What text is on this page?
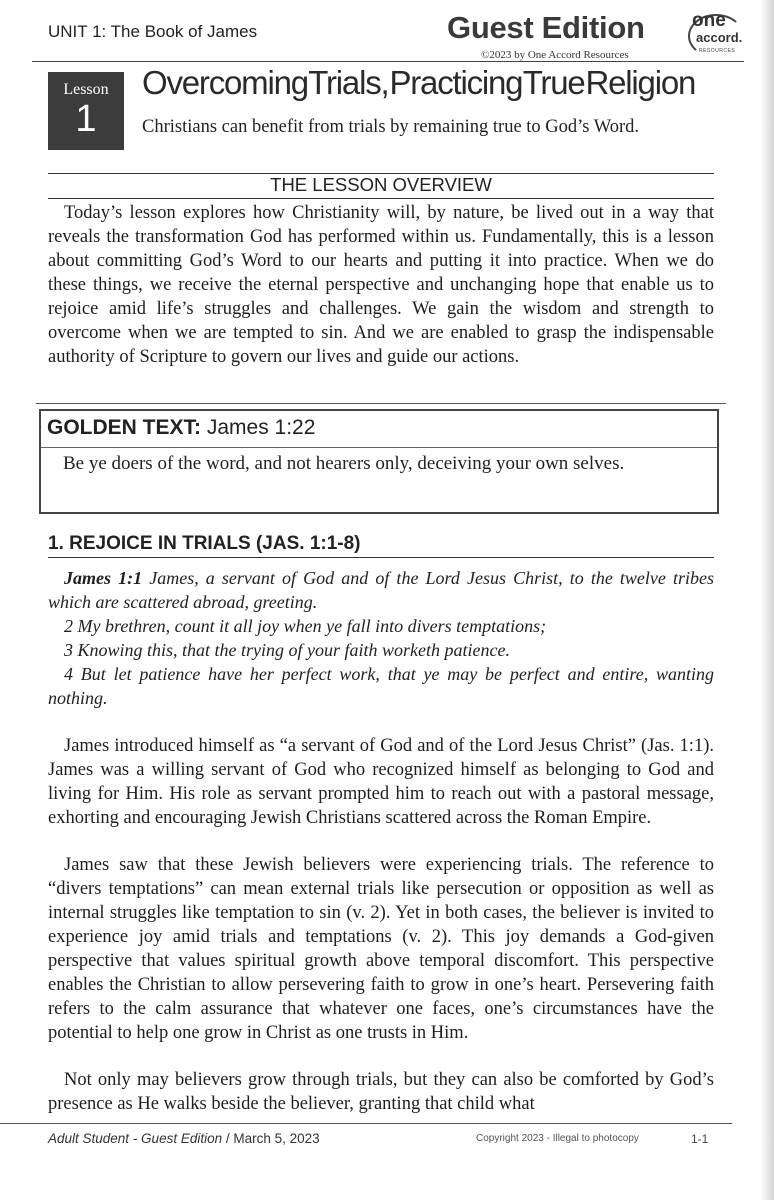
UNIT 1: The Book of James	Guest Edition
©2023 by One Accord Resources
one
accord.
RESOURCES
Lesson
1
Overcoming Trials, Practicing True Religion
Christians can benefit from trials by remaining true to God’s Word.
THE LESSON OVERVIEW

Today’s lesson explores how Christianity will, by nature, be lived out in a way that reveals the transformation God has performed within us. Fundamentally, this is a lesson about committing God’s Word to our hearts and putting it into practice. When we do these things, we receive the eternal perspective and unchanging hope that enable us to rejoice amid life’s struggles and challenges. We gain the wisdom and strength to overcome when we are tempted to sin. And we are enabled to grasp the indispensable authority of Scripture to govern our lives and guide our actions.

GOLDEN TEXT: James 1:22

Be ye doers of the word, and not hearers only, deceiving your own selves.

1. REJOICE IN TRIALS (JAS. 1:1-8)

James 1:1 James, a servant of God and of the Lord Jesus Christ, to the twelve tribes which are scattered abroad, greeting.

2 My brethren, count it all joy when ye fall into divers temptations;

3 Knowing this, that the trying of your faith worketh patience.

4 But let patience have her perfect work, that ye may be perfect and entire, wanting nothing.

James introduced himself as “a servant of God and of the Lord Jesus Christ” (Jas. 1:1). James was a willing servant of God who recognized himself as belonging to God and living for Him. His role as servant prompted him to reach out with a pastoral message, exhorting and encouraging Jewish Christians scattered across the Roman Empire.

James saw that these Jewish believers were experiencing trials. The reference to “divers temptations” can mean external trials like persecution or opposition as well as internal struggles like temptation to sin (v. 2). Yet in both cases, the believer is invited to experience joy amid trials and temptations (v. 2). This joy demands a God-given perspective that values spiritual growth above temporal discomfort. This perspective enables the Christian to allow persevering faith to grow in one’s heart. Persevering faith refers to the calm assurance that whatever one faces, one’s circumstances have the potential to help one grow in Christ as one trusts in Him.

Not only may believers grow through trials, but they can also be comforted by God’s presence as He walks beside the believer, granting that child what

Adult Student - Guest Edition / March 5, 2023	Copyright 2023 - Illegal to photocopy	1-1
